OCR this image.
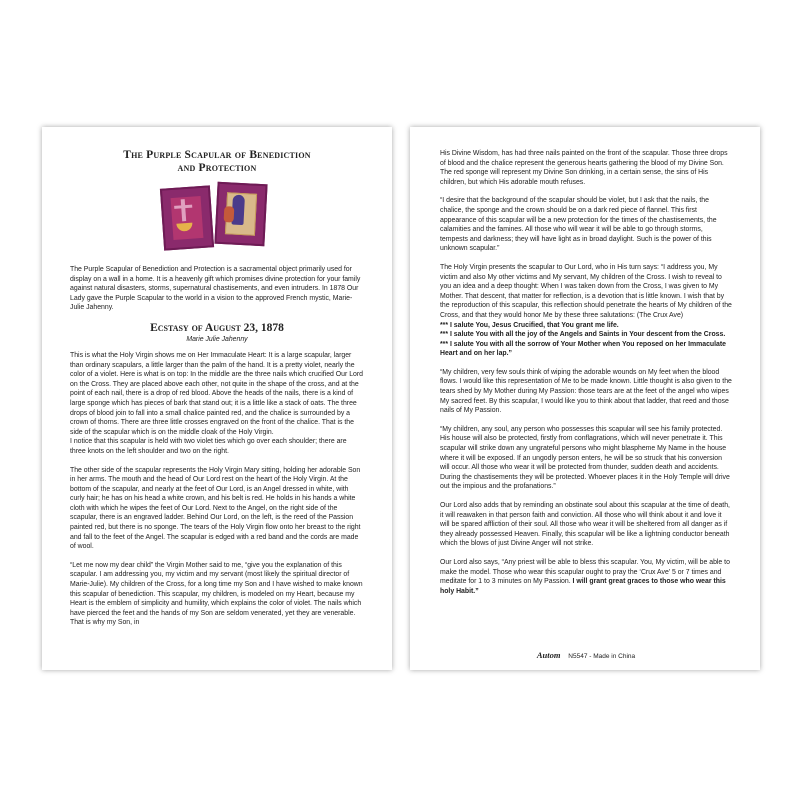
The Purple Scapular of Benediction
and Protection

The Purple Scapular of Benediction and Protection is a sacramental object primarily used for display on a wall in a home. It is a heavenly gift which promises divine protection for your family against natural disasters, storms, supernatural chastisements, and even intruders. In 1878 Our Lady gave the Purple Scapular to the world in a vision to the approved French mystic, Marie-Julie Jahenny.

Ecstasy of August 23, 1878
Marie Julie Jahenny

This is what the Holy Virgin shows me on Her Immaculate Heart: It is a large scapular, larger than ordinary scapulars, a little larger than the palm of the hand. It is a pretty violet, nearly the color of a violet. Here is what is on top: In the middle are the three nails which crucified Our Lord on the Cross. They are placed above each other, not quite in the shape of the cross, and at the point of each nail, there is a drop of red blood. Above the heads of the nails, there is a kind of large sponge which has pieces of bark that stand out; it is a little like a stack of oats. The three drops of blood join to fall into a small chalice painted red, and the chalice is surrounded by a crown of thorns. There are three little crosses engraved on the front of the chalice. That is the side of the scapular which is on the middle cloak of the Holy Virgin.
I notice that this scapular is held with two violet ties which go over each shoulder; there are three knots on the left shoulder and two on the right.

The other side of the scapular represents the Holy Virgin Mary sitting, holding her adorable Son in her arms. The mouth and the head of Our Lord rest on the heart of the Holy Virgin. At the bottom of the scapular, and nearly at the feet of Our Lord, is an Angel dressed in white, with curly hair; he has on his head a white crown, and his belt is red. He holds in his hands a white cloth with which he wipes the feet of Our Lord. Next to the Angel, on the right side of the scapular, there is an engraved ladder. Behind Our Lord, on the left, is the reed of the Passion painted red, but there is no sponge. The tears of the Holy Virgin flow onto her breast to the right and fall to the feet of the Angel. The scapular is edged with a red band and the cords are made of wool.

“Let me now my dear child” the Virgin Mother said to me, “give you the explanation of this scapular. I am addressing you, my victim and my servant (most likely the spiritual director of Marie-Julie). My children of the Cross, for a long time my Son and I have wished to make known this scapular of benediction. This scapular, my children, is modeled on my Heart, because my Heart is the emblem of simplicity and humility, which explains the color of violet. The nails which have pierced the feet and the hands of my Son are seldom venerated, yet they are venerable. That is why my Son, in

His Divine Wisdom, has had three nails painted on the front of the scapular. Those three drops of blood and the chalice represent the generous hearts gathering the blood of my Divine Son. The red sponge will represent my Divine Son drinking, in a certain sense, the sins of His children, but which His adorable mouth refuses.

“I desire that the background of the scapular should be violet, but I ask that the nails, the chalice, the sponge and the crown should be on a dark red piece of flannel. This first appearance of this scapular will be a new protection for the times of the chastisements, the calamities and the famines. All those who will wear it will be able to go through storms, tempests and darkness; they will have light as in broad daylight. Such is the power of this unknown scapular.”

The Holy Virgin presents the scapular to Our Lord, who in His turn says: “I address you, My victim and also My other victims and My servant, My children of the Cross. I wish to reveal to you an idea and a deep thought: When I was taken down from the Cross, I was given to My Mother. That descent, that matter for reflection, is a devotion that is little known. I wish that by the reproduction of this scapular, this reflection should penetrate the hearts of My children of the Cross, and that they would honor Me by these three salutations: (The Crux Ave)
*** I salute You, Jesus Crucified, that You grant me life.
*** I salute You with all the joy of the Angels and Saints in Your descent from the Cross.
*** I salute You with all the sorrow of Your Mother when You reposed on her Immaculate Heart and on her lap.”

“My children, very few souls think of wiping the adorable wounds on My feet when the blood flows. I would like this representation of Me to be made known. Little thought is also given to the tears shed by My Mother during My Passion: those tears are at the feet of the angel who wipes My sacred feet. By this scapular, I would like you to think about that ladder, that reed and those nails of My Passion.

“My children, any soul, any person who possesses this scapular will see his family protected. His house will also be protected, firstly from conflagrations, which will never penetrate it. This scapular will strike down any ungrateful persons who might blaspheme My Name in the house where it will be exposed. If an ungodly person enters, he will be so struck that his conversion will occur. All those who wear it will be protected from thunder, sudden death and accidents. During the chastisements they will be protected. Whoever places it in the Holy Temple will drive out the impious and the profanations.”

Our Lord also adds that by reminding an obstinate soul about this scapular at the time of death, it will reawaken in that person faith and conviction. All those who will think about it and love it will be spared affliction of their soul. All those who wear it will be sheltered from all danger as if they already possessed Heaven. Finally, this scapular will be like a lightning conductor beneath which the blows of just Divine Anger will not strike.

Our Lord also says, “Any priest will be able to bless this scapular. You, My victim, will be able to make the model. Those who wear this scapular ought to pray the ‘Crux Ave’ 5 or 7 times and meditate for 1 to 3 minutes on My Passion. I will grant great graces to those who wear this holy Habit.”

Autom N5547 - Made in China
